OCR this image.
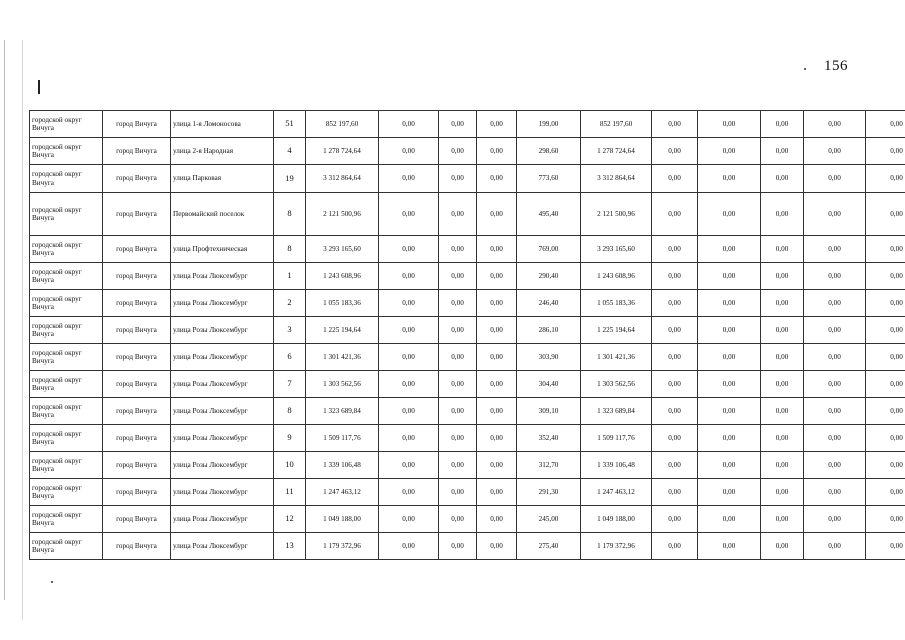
156
городской округ Вичуга	город Вичуга	улица 1-я Ломоносова	51	852 197,60	0,00	0,00	0,00	199,00	852 197,60	0,00	0,00	0,00	0,00	0,00
городской округ Вичуга	город Вичуга	улица 2-я Народная	4	1 278 724,64	0,00	0,00	0,00	298,60	1 278 724,64	0,00	0,00	0,00	0,00	0,00
городской округ Вичуга	город Вичуга	улица Парковая	19	3 312 864,64	0,00	0,00	0,00	773,60	3 312 864,64	0,00	0,00	0,00	0,00	0,00
городской округ Вичуга	город Вичуга	Первомайский поселок	8	2 121 500,96	0,00	0,00	0,00	495,40	2 121 500,96	0,00	0,00	0,00	0,00	0,00
городской округ Вичуга	город Вичуга	улица Профтехническая	8	3 293 165,60	0,00	0,00	0,00	769,00	3 293 165,60	0,00	0,00	0,00	0,00	0,00
городской округ Вичуга	город Вичуга	улица Розы Люксембург	1	1 243 608,96	0,00	0,00	0,00	290,40	1 243 608,96	0,00	0,00	0,00	0,00	0,00
городской округ Вичуга	город Вичуга	улица Розы Люксембург	2	1 055 183,36	0,00	0,00	0,00	246,40	1 055 183,36	0,00	0,00	0,00	0,00	0,00
городской округ Вичуга	город Вичуга	улица Розы Люксембург	3	1 225 194,64	0,00	0,00	0,00	286,10	1 225 194,64	0,00	0,00	0,00	0,00	0,00
городской округ Вичуга	город Вичуга	улица Розы Люксембург	6	1 301 421,36	0,00	0,00	0,00	303,90	1 301 421,36	0,00	0,00	0,00	0,00	0,00
городской округ Вичуга	город Вичуга	улица Розы Люксембург	7	1 303 562,56	0,00	0,00	0,00	304,40	1 303 562,56	0,00	0,00	0,00	0,00	0,00
городской округ Вичуга	город Вичуга	улица Розы Люксембург	8	1 323 689,84	0,00	0,00	0,00	309,10	1 323 689,84	0,00	0,00	0,00	0,00	0,00
городской округ Вичуга	город Вичуга	улица Розы Люксембург	9	1 509 117,76	0,00	0,00	0,00	352,40	1 509 117,76	0,00	0,00	0,00	0,00	0,00
городской округ Вичуга	город Вичуга	улица Розы Люксембург	10	1 339 106,48	0,00	0,00	0,00	312,70	1 339 106,48	0,00	0,00	0,00	0,00	0,00
городской округ Вичуга	город Вичуга	улица Розы Люксембург	11	1 247 463,12	0,00	0,00	0,00	291,30	1 247 463,12	0,00	0,00	0,00	0,00	0,00
городской округ Вичуга	город Вичуга	улица Розы Люксембург	12	1 049 188,00	0,00	0,00	0,00	245,00	1 049 188,00	0,00	0,00	0,00	0,00	0,00
городской округ Вичуга	город Вичуга	улица Розы Люксембург	13	1 179 372,96	0,00	0,00	0,00	275,40	1 179 372,96	0,00	0,00	0,00	0,00	0,00
